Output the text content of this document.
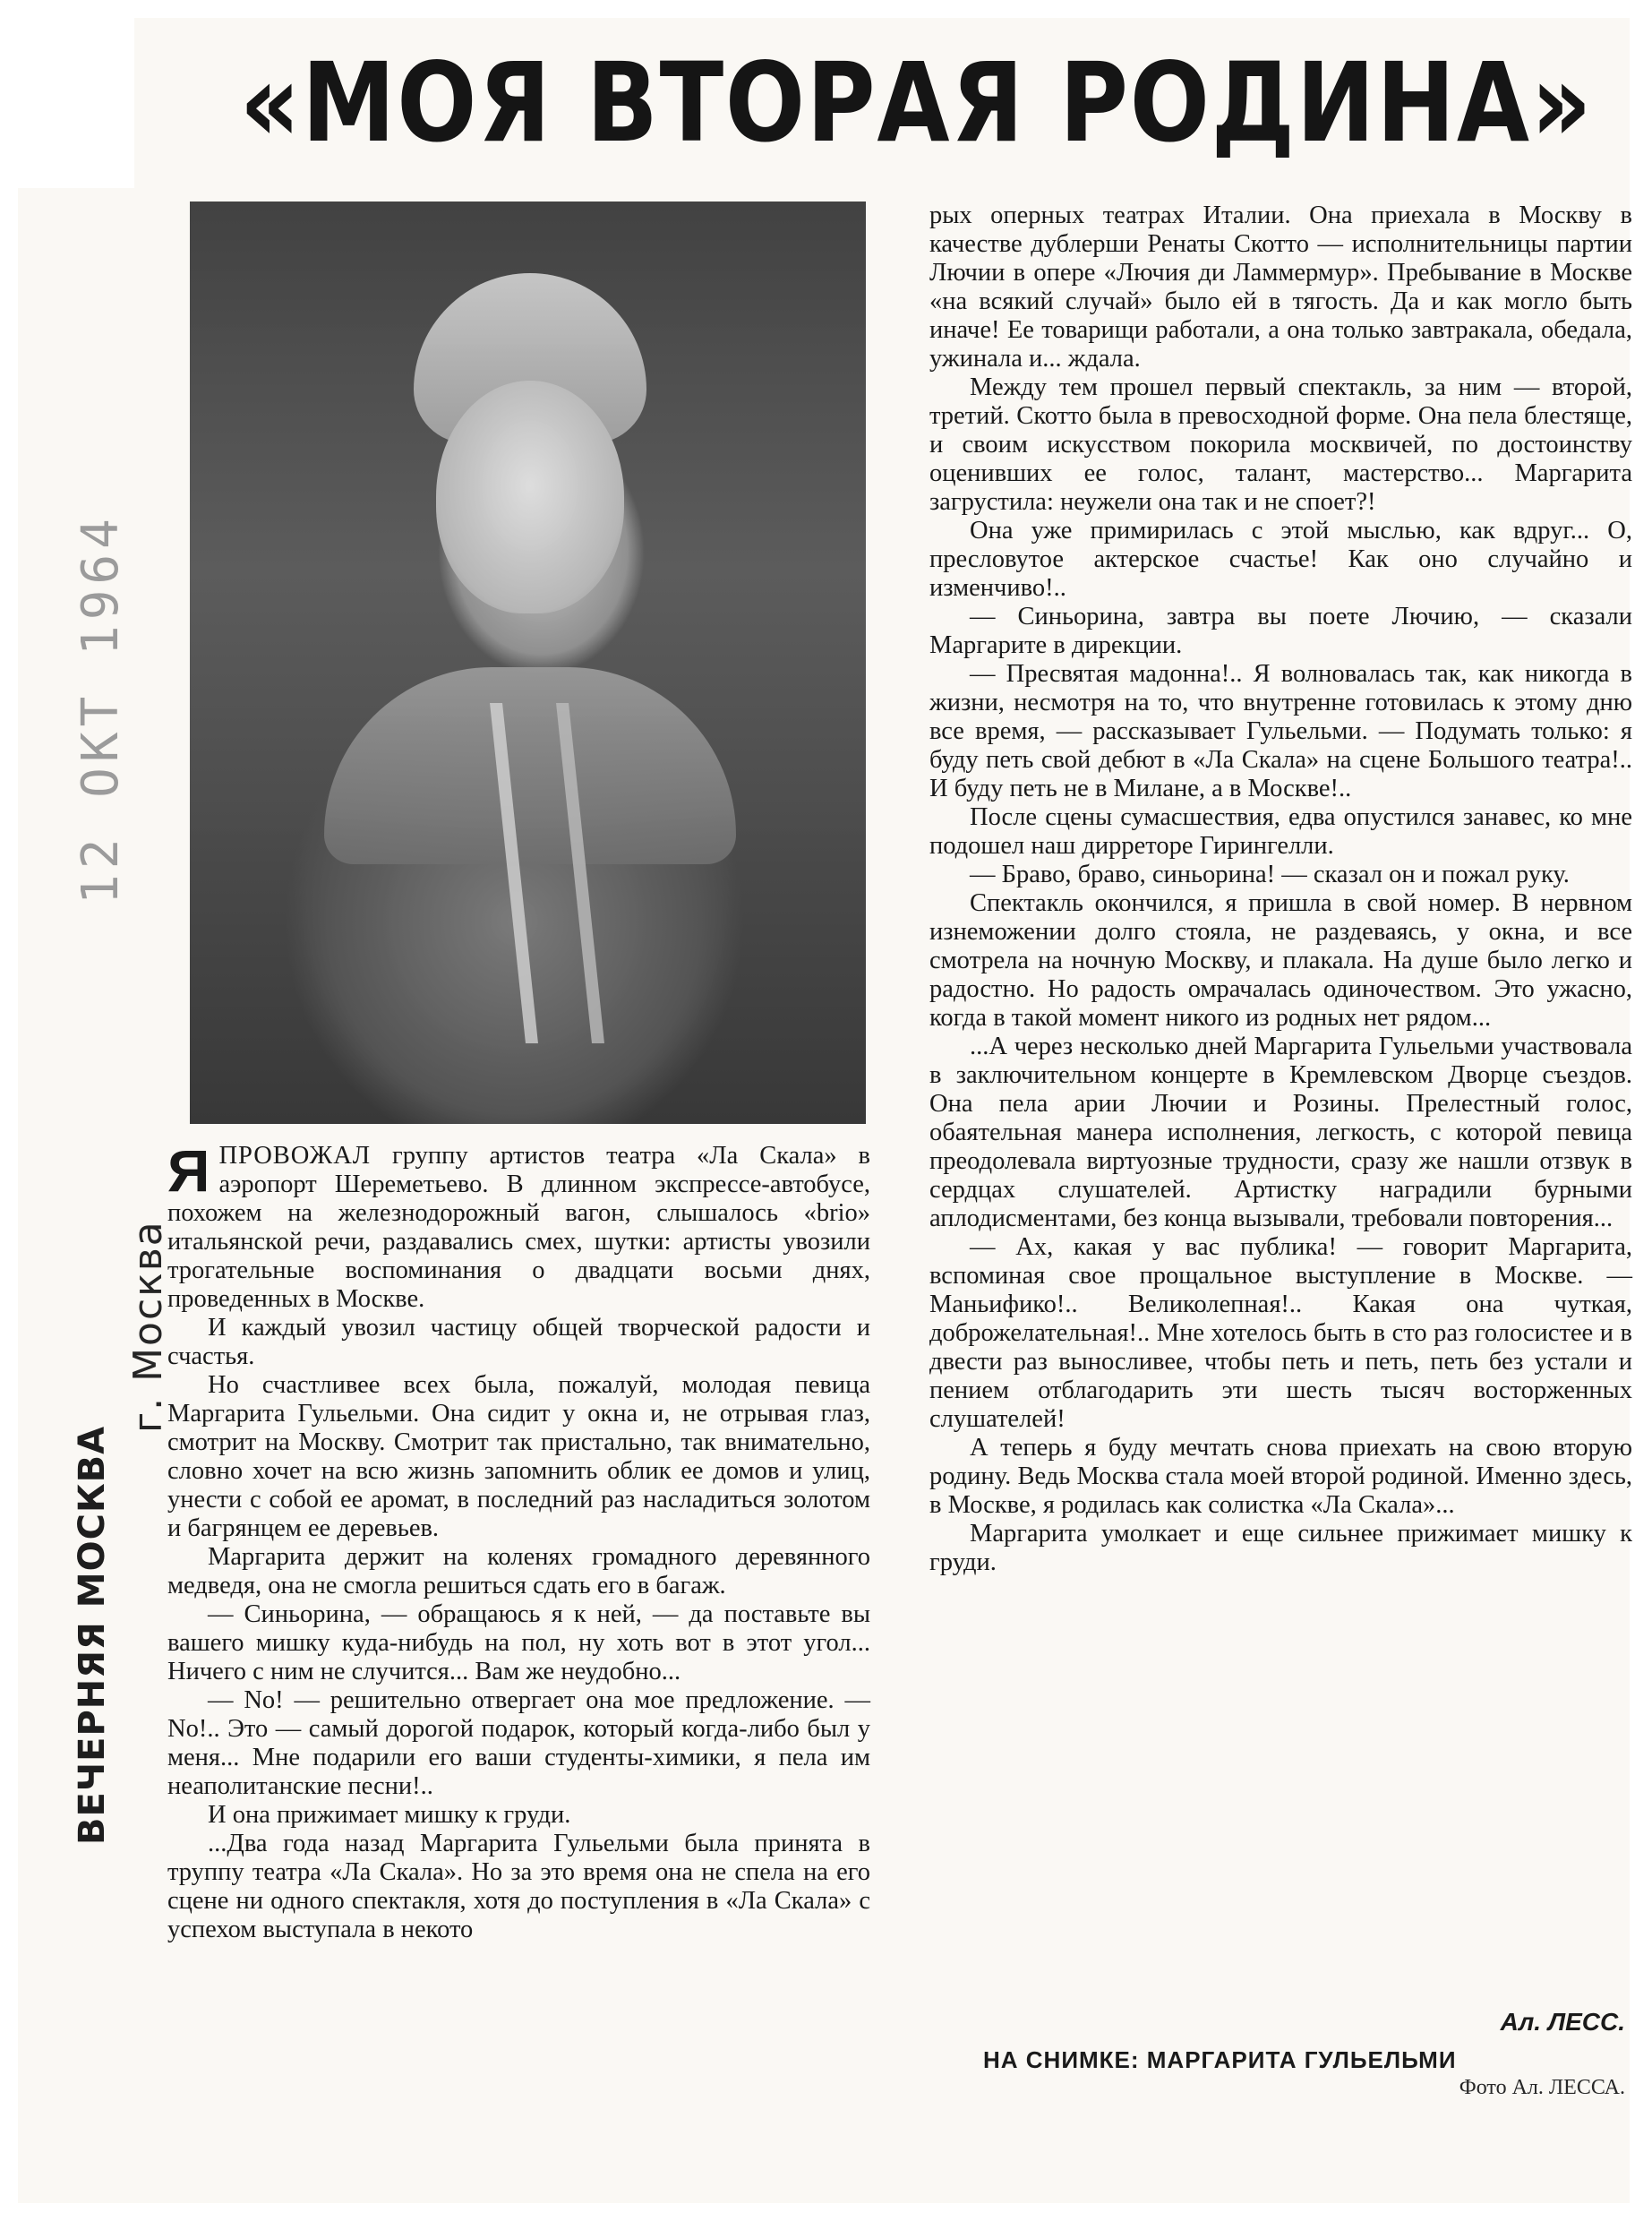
«МОЯ ВТОРАЯ РОДИНА»
12 ОКТ 1964
ВЕЧЕРНЯЯ МОСКВА
г. Москва

ЯПРОВОЖАЛ группу артистов театра «Ла Скала» в аэропорт Шереметьево. В длинном экспрессе-автобусе, похожем на железнодорожный вагон, слышалось «brio» итальянской речи, раздавались смех, шутки: артисты увозили трогательные воспоминания о двадцати восьми днях, проведенных в Москве.

И каждый увозил частицу общей творческой радости и счастья.

Но счастливее всех была, пожалуй, молодая певица Маргарита Гульельми. Она сидит у окна и, не отрывая глаз, смотрит на Москву. Смотрит так пристально, так внимательно, словно хочет на всю жизнь запомнить облик ее домов и улиц, унести с собой ее аромат, в последний раз насладиться золотом и багрянцем ее деревьев.

Маргарита держит на коленях громадного деревянного медведя, она не смогла решиться сдать его в багаж.

— Синьорина, — обращаюсь я к ней, — да поставьте вы вашего мишку куда-нибудь на пол, ну хоть вот в этот угол... Ничего с ним не случится... Вам же неудобно...

— No! — решительно отвергает она мое предложение. — No!.. Это — самый дорогой подарок, который когда-либо был у меня... Мне подарили его ваши студенты-химики, я пела им неаполитанские песни!..

И она прижимает мишку к груди.

...Два года назад Маргарита Гульельми была принята в труппу театра «Ла Скала». Но за это время она не спела на его сцене ни одного спектакля, хотя до поступления в «Ла Скала» с успехом выступала в некото

рых оперных театрах Италии. Она приехала в Москву в качестве дублерши Ренаты Скотто — исполнительницы партии Лючии в опере «Лючия ди Ламмермур». Пребывание в Москве «на всякий случай» было ей в тягость. Да и как могло быть иначе! Ее товарищи работали, а она только завтракала, обедала, ужинала и... ждала.

Между тем прошел первый спектакль, за ним — второй, третий. Скотто была в превосходной форме. Она пела блестяще, и своим искусством покорила москвичей, по достоинству оценивших ее голос, талант, мастерство... Маргарита загрустила: неужели она так и не споет?!

Она уже примирилась с этой мыслью, как вдруг... О, пресловутое актерское счастье! Как оно случайно и изменчиво!..

— Синьорина, завтра вы поете Лючию, — сказали Маргарите в дирекции.

— Пресвятая мадонна!.. Я волновалась так, как никогда в жизни, несмотря на то, что внутренне готовилась к этому дню все время, — рассказывает Гульельми. — Подумать только: я буду петь свой дебют в «Ла Скала» на сцене Большого театра!.. И буду петь не в Милане, а в Москве!..

После сцены сумасшествия, едва опустился занавес, ко мне подошел наш дирреторе Гирингелли.

— Браво, браво, синьорина! — сказал он и пожал руку.

Спектакль окончился, я пришла в свой номер. В нервном изнеможении долго стояла, не раздеваясь, у окна, и все смотрела на ночную Москву, и плакала. На душе было легко и радостно. Но радость омрачалась одиночеством. Это ужасно, когда в такой момент никого из родных нет рядом...

...А через несколько дней Маргарита Гульельми участвовала в заключительном концерте в Кремлевском Дворце съездов. Она пела арии Лючии и Розины. Прелестный голос, обаятельная манера исполнения, легкость, с которой певица преодолевала виртуозные трудности, сразу же нашли отзвук в сердцах слушателей. Артистку наградили бурными аплодисментами, без конца вызывали, требовали повторения...

— Ах, какая у вас публика! — говорит Маргарита, вспоминая свое прощальное выступление в Москве. — Маньифико!.. Великолепная!.. Какая она чуткая, доброжелательная!.. Мне хотелось быть в сто раз голосистее и в двести раз выносливее, чтобы петь и петь, петь без устали и пением отблагодарить эти шесть тысяч восторженных слушателей!

А теперь я буду мечтать снова приехать на свою вторую родину. Ведь Москва стала моей второй родиной. Именно здесь, в Москве, я родилась как солистка «Ла Скала»...

Маргарита умолкает и еще сильнее прижимает мишку к груди.

Ал. ЛЕСС.

НА СНИМКЕ: МАРГАРИТА ГУЛЬЕЛЬМИ

Фото Ал. ЛЕССА.
